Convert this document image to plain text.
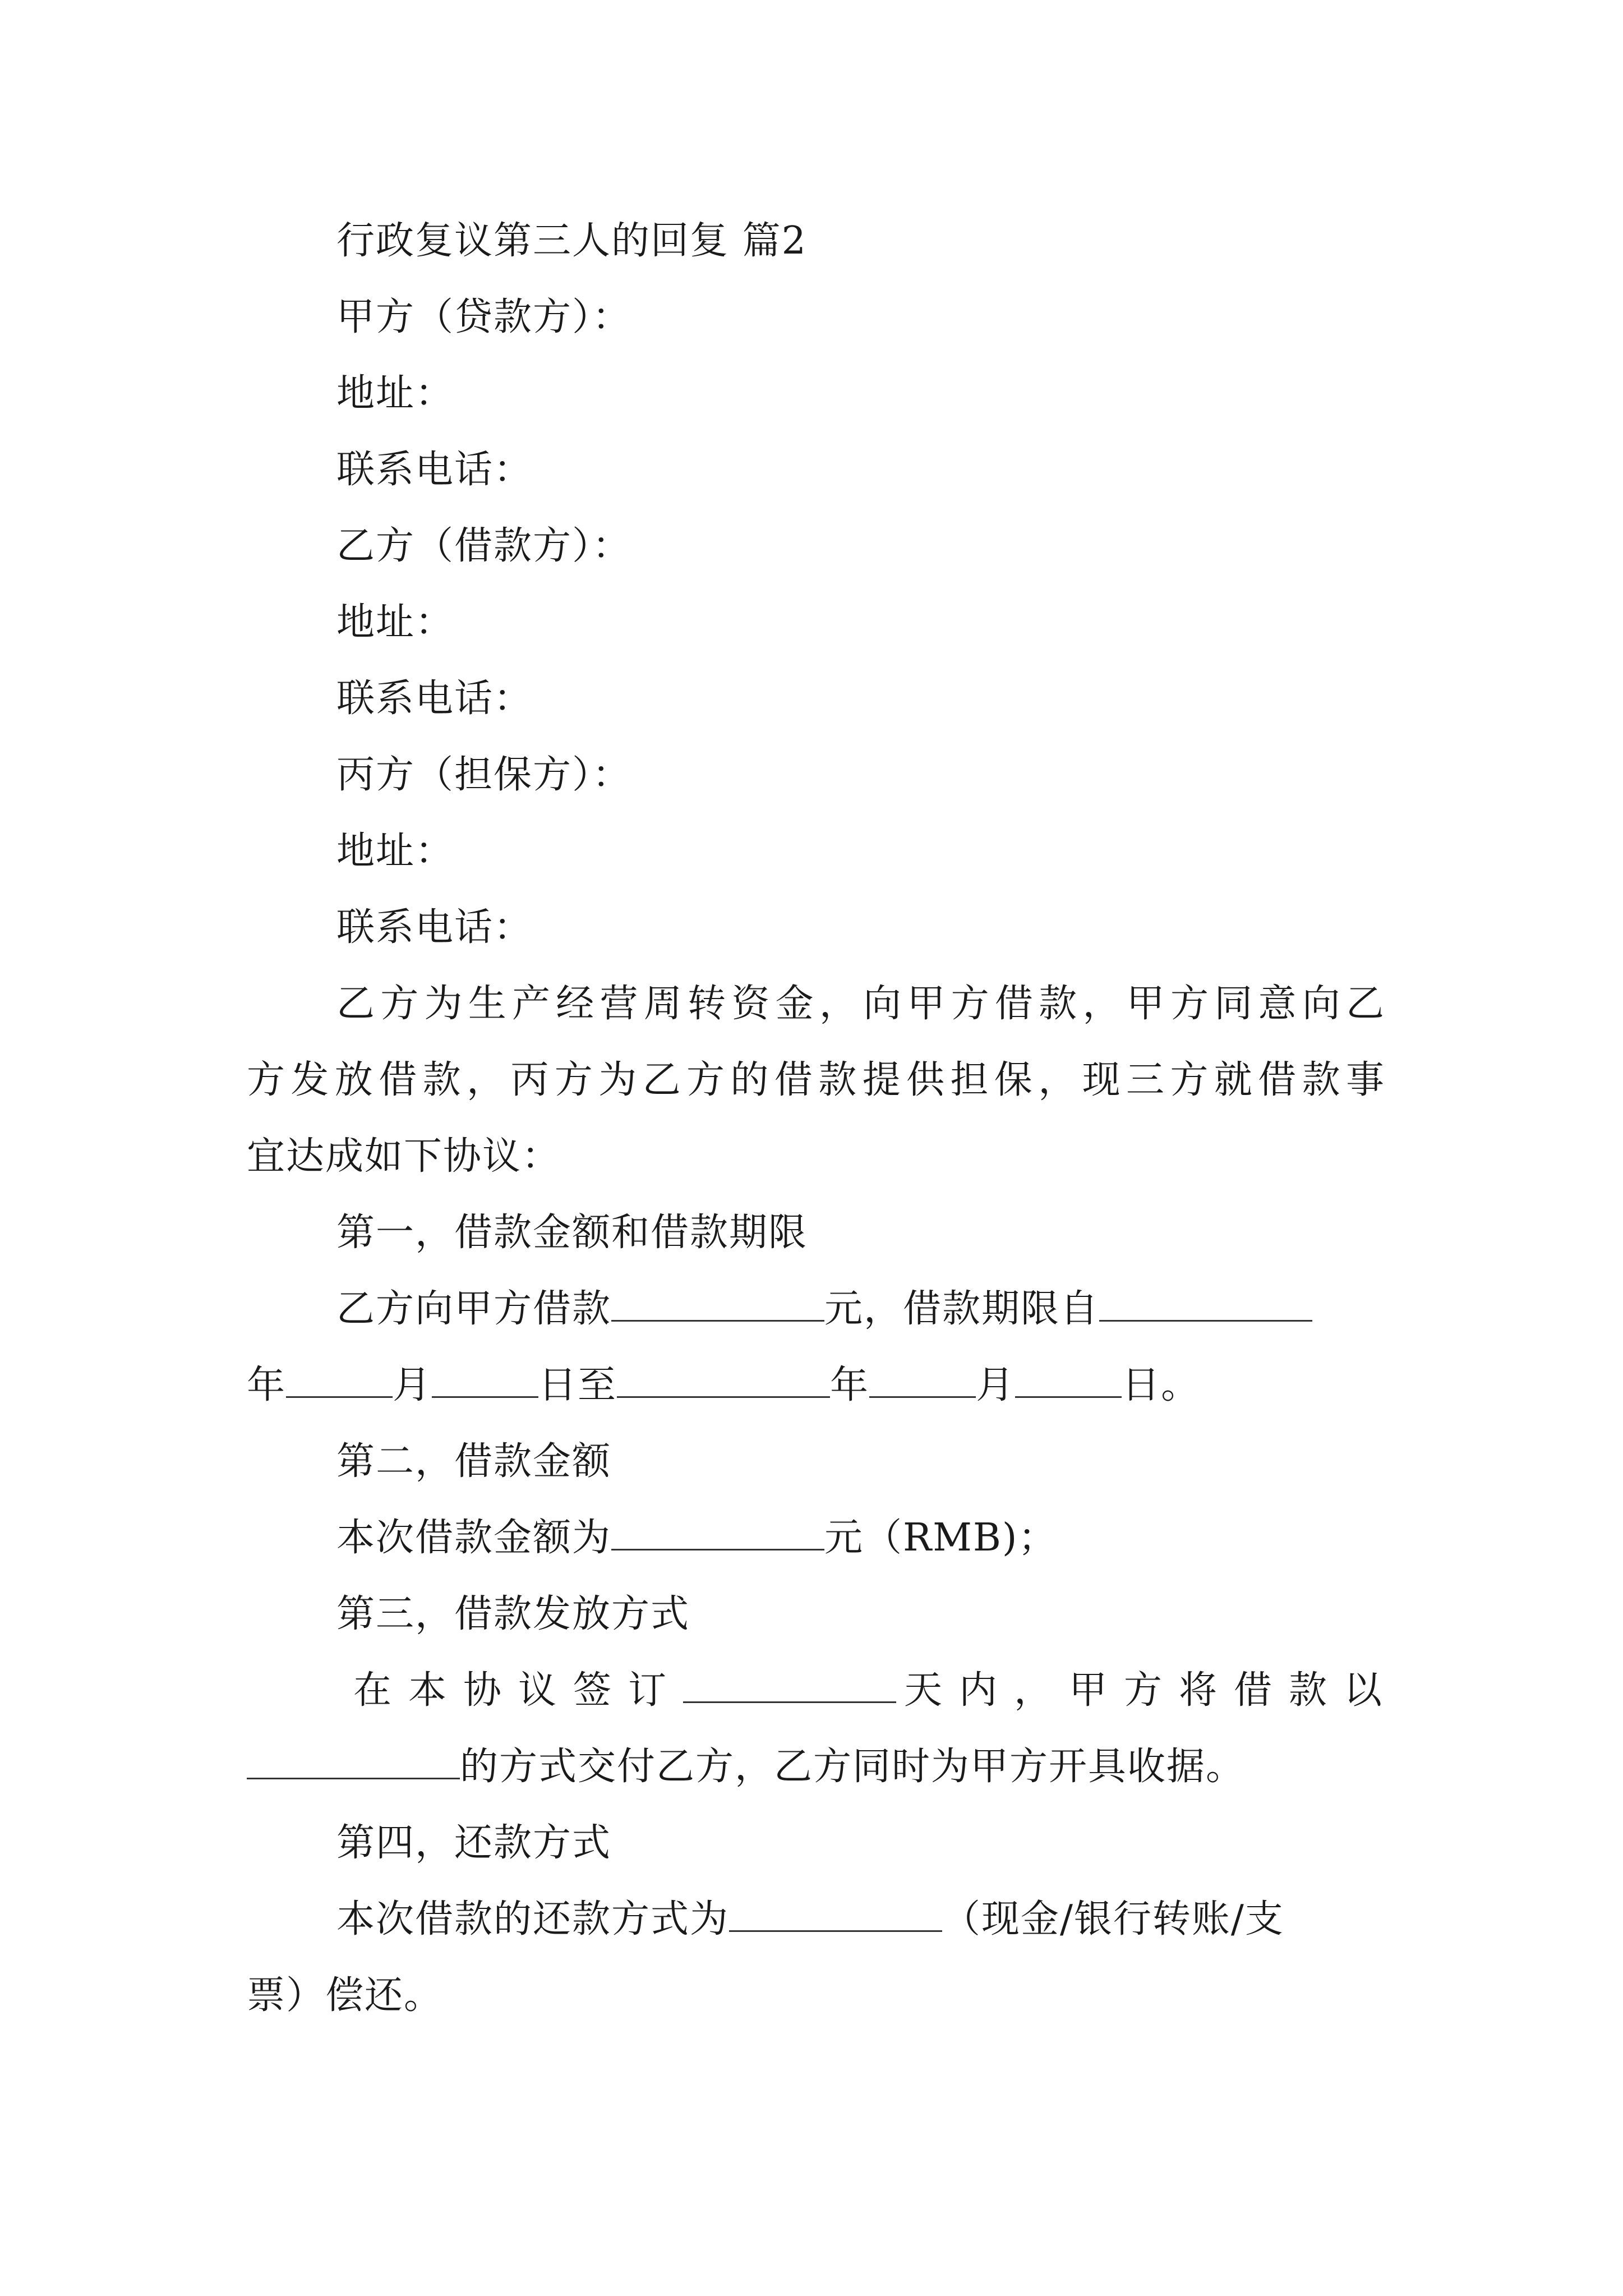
行政复议第三人的回复 篇2
甲方（贷款方）：
地址：
联系电话：
乙方（借款方）：
地址：
联系电话：
丙方（担保方）：
地址：
联系电话：
乙方为生产经营周转资金，向甲方借款，甲方同意向乙
方发放借款，丙方为乙方的借款提供担保，现三方就借款事
宜达成如下协议：
第一，借款金额和借款期限
乙方向甲方借款	元，借款期限自
年	月	日至	年	月	日。
第二，借款金额
本次借款金额为	元（RMB)；
第三，借款发放方式
在本协议签订	天内，甲方将借款以
的方式交付乙方，乙方同时为甲方开具收据。
第四，还款方式
本次借款的还款方式为	（现金/银行转账/支
票）偿还。
